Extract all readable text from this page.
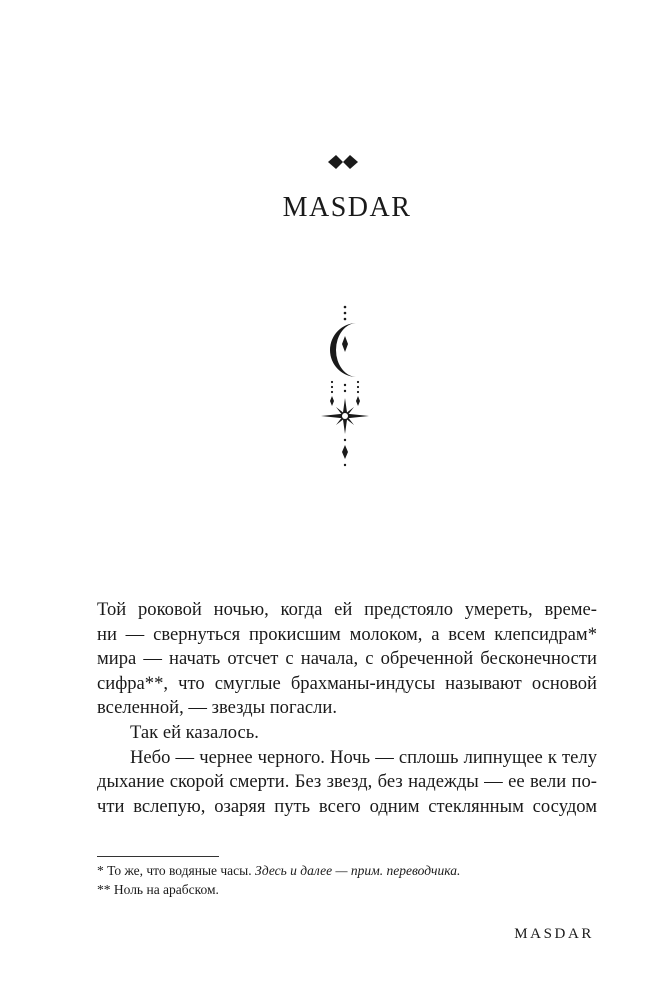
MASDAR

Той роковой ночью, когда ей предстояло умереть, време-

ни — свернуться прокисшим молоком, а всем клепсидрам*

мира — начать отсчет с начала, с обреченной бесконечности

сифра**, что смуглые брахманы-индусы называют основой

вселенной, — звезды погасли.

Так ей казалось.

Небо — чернее черного. Ночь — сплошь липнущее к телу

дыхание скорой смерти. Без звезд, без надежды — ее вели по-

чти вслепую, озаряя путь всего одним стеклянным сосудом

* То же, что водяные часы. Здесь и далее — прим. переводчика.
** Ноль на арабском.
MASDAR
